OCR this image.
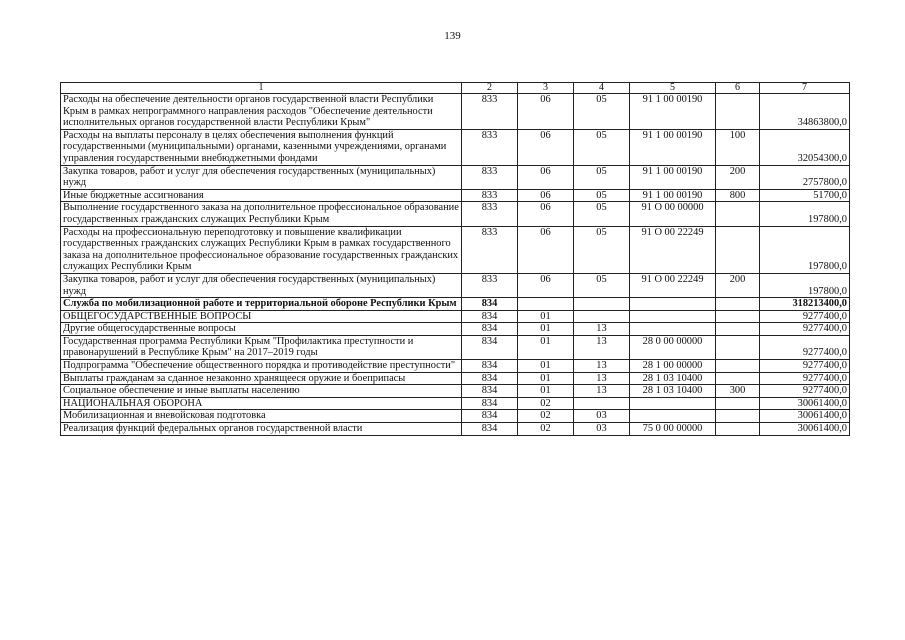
139
1	2	3	4	5	6	7
Расходы на обеспечение деятельности органов государственной власти Республики Крым в рамках непрограммного направления расходов "Обеспечение деятельности исполнительных органов государственной власти Республики Крым"	833	06	05	91 1 00 00190		34863800,0
Расходы на выплаты персоналу в целях обеспечения выполнения функций государственными (муниципальными) органами, казенными учреждениями, органами управления государственными внебюджетными фондами	833	06	05	91 1 00 00190	100	32054300,0
Закупка товаров, работ и услуг для обеспечения государственных (муниципальных) нужд	833	06	05	91 1 00 00190	200	2757800,0
Иные бюджетные ассигнования	833	06	05	91 1 00 00190	800	51700,0
Выполнение государственного заказа на дополнительное профессиональное образование государственных гражданских служащих Республики Крым	833	06	05	91 О 00 00000		197800,0
Расходы на профессиональную переподготовку и повышение квалификации государственных гражданских служащих Республики Крым в рамках государственного заказа на дополнительное профессиональное образование государственных гражданских служащих Республики Крым	833	06	05	91 О 00 22249		197800,0
Закупка товаров, работ и услуг для обеспечения государственных (муниципальных) нужд	833	06	05	91 О 00 22249	200	197800,0
Служба по мобилизационной работе и территориальной обороне Республики Крым	834					318213400,0
ОБЩЕГОСУДАРСТВЕННЫЕ ВОПРОСЫ	834	01				9277400,0
Другие общегосударственные вопросы	834	01	13			9277400,0
Государственная программа Республики Крым "Профилактика преступности и правонарушений в Республике Крым" на 2017–2019 годы	834	01	13	28 0 00 00000		9277400,0
Подпрограмма "Обеспечение общественного порядка и противодействие преступности"	834	01	13	28 1 00 00000		9277400,0
Выплаты гражданам за сданное незаконно хранящееся оружие и боеприпасы	834	01	13	28 1 03 10400		9277400,0
Социальное обеспечение и иные выплаты населению	834	01	13	28 1 03 10400	300	9277400,0
НАЦИОНАЛЬНАЯ ОБОРОНА	834	02				30061400,0
Мобилизационная и вневойсковая подготовка	834	02	03			30061400,0
Реализация функций федеральных органов государственной власти	834	02	03	75 0 00 00000		30061400,0
